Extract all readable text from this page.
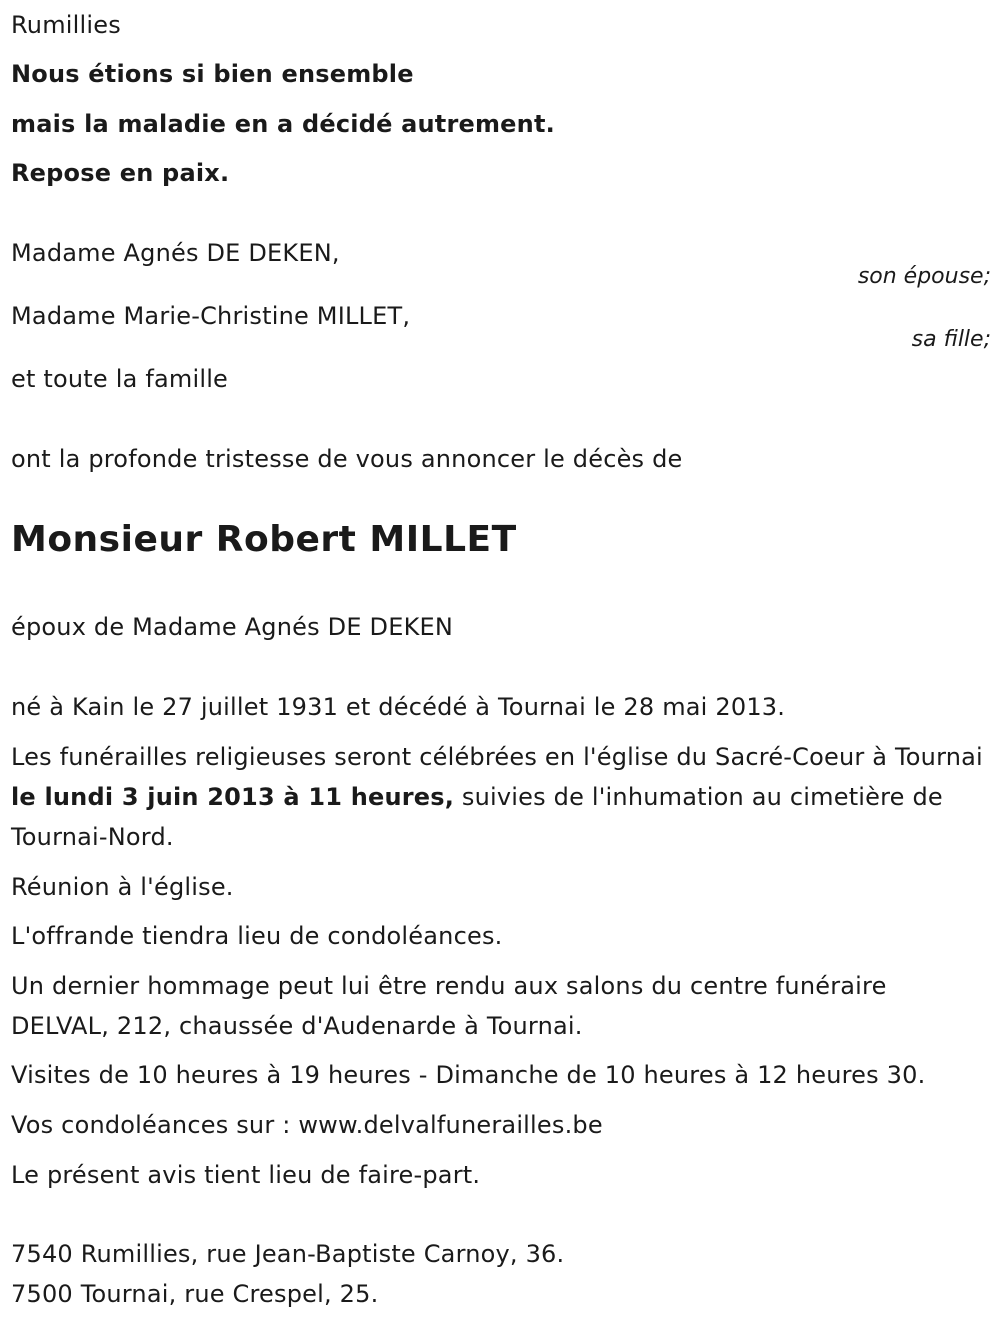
Rumillies
Nous étions si bien ensemble
mais la maladie en a décidé autrement.
Repose en paix.
Madame Agnés DE DEKEN,
son épouse;
Madame Marie-Christine MILLET,
sa fille;
et toute la famille
ont la profonde tristesse de vous annoncer le décès de
Monsieur Robert MILLET
époux de Madame Agnés DE DEKEN
né à Kain le 27 juillet 1931 et décédé à Tournai le 28 mai 2013.
Les funérailles religieuses seront célébrées en l'église du Sacré-Coeur à Tournai le lundi 3 juin 2013 à 11 heures, suivies de l'inhumation au cimetière de Tournai-Nord.
Réunion à l'église.
L'offrande tiendra lieu de condoléances.
Un dernier hommage peut lui être rendu aux salons du centre funéraire DELVAL, 212, chaussée d'Audenarde à Tournai.
Visites de 10 heures à 19 heures - Dimanche de 10 heures à 12 heures 30.
Vos condoléances sur : www.delvalfunerailles.be
Le présent avis tient lieu de faire-part.
7540 Rumillies, rue Jean-Baptiste Carnoy, 36.
7500 Tournai, rue Crespel, 25.
